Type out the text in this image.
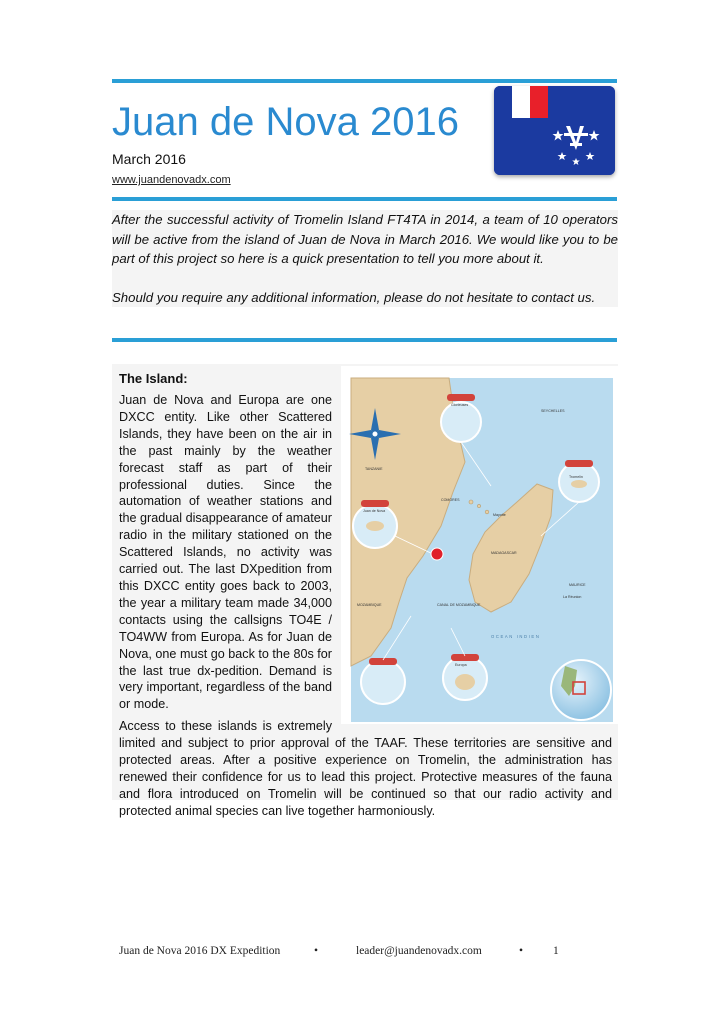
Juan de Nova 2016
March 2016
www.juandenovadx.com

After the successful activity of Tromelin Island FT4TA in 2014, a team of 10 operators will be active from the island of Juan de Nova in March 2016. We would like you to be part of this project so here is a quick presentation to tell you more about it.

Should you require any additional information, please do not hesitate to contact us.

The Island:
TANZANIE
COMORES
MOZAMBIQUE
MADAGASCAR
CANAL DE MOZAMBIQUE
OCEAN INDIEN
SEYCHELLES
Mayotte
MAURICE
La Réunion
Tromelin
Europa
Juan de Nova
Glorieuses

Juan de Nova and Europa are one DXCC entity. Like other Scattered Islands, they have been on the air in the past mainly by the weather forecast staff as part of their professional duties. Since the automation of weather stations and the gradual disappearance of amateur radio in the military stationed on the Scattered Islands, no activity was carried out. The last DXpedition from this DXCC entity goes back to 2003, the year a military team made 34,000 contacts using the callsigns TO4E / TO4WW from Europa. As for Juan de Nova, one must go back to the 80s for the last true dx-pedition. Demand is very important, regardless of the band or mode.

Access to these islands is extremely limited and subject to prior approval of the TAAF. These territories are sensitive and protected areas. After a positive experience on Tromelin, the administration has renewed their confidence for us to lead this project. Protective measures of the fauna and flora introduced on Tromelin will be continued so that our radio activity and protected animal species can live together harmoniously.

Juan de Nova 2016 DX Expedition	•	leader@juandenovadx.com	•	1
